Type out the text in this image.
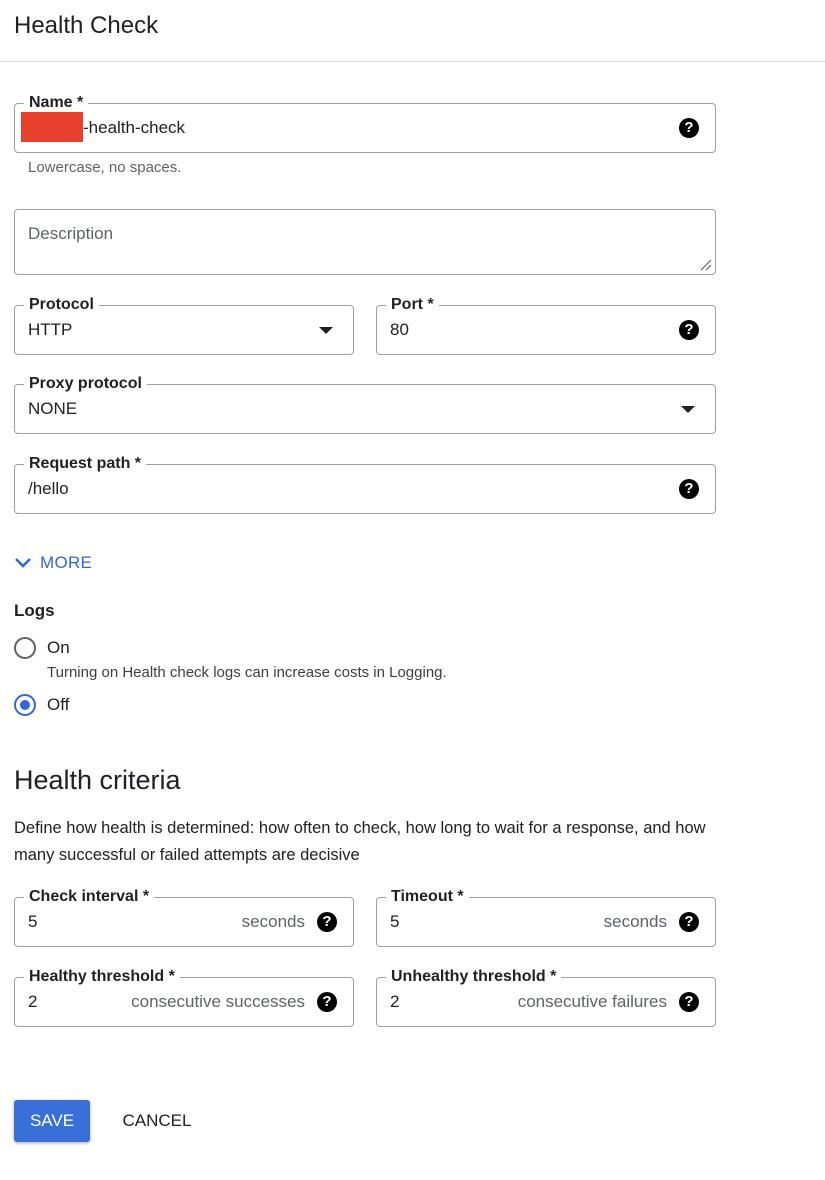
Health Check
Name *
-health-check	?
Lowercase, no spaces.
Description
Protocol
HTTP
Port *
80	?
Proxy protocol
NONE
Request path *
/hello	?
MORE
Logs
On
Turning on Health check logs can increase costs in Logging.
Off
Health criteria
Define how health is determined: how often to check, how long to wait for a response, and how many successful or failed attempts are decisive
Check interval *
5	seconds	?
Timeout *
5	seconds	?
Healthy threshold *
2	consecutive successes	?
Unhealthy threshold *
2	consecutive failures	?
SAVE	CANCEL
